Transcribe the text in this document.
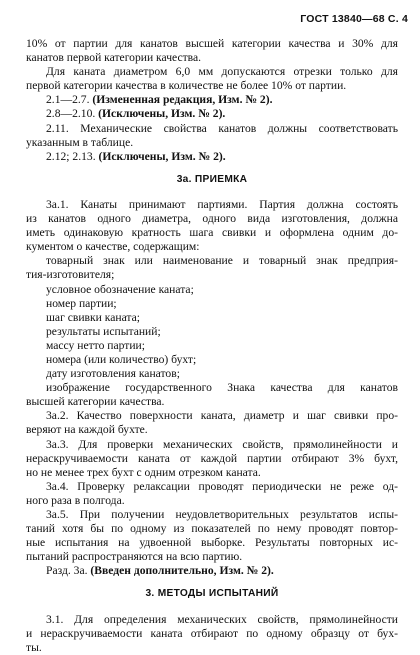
ГОСТ 13840—68 С. 4
10% от партии для канатов высшей категории качества и 30% для
канатов первой категории качества.
Для каната диаметром 6,0 мм допускаются отрезки только для
первой категории качества в количестве не более 10% от партии.
2.1—2.7. (Измененная редакция, Изм. № 2).
2.8—2.10. (Исключены, Изм. № 2).
2.11. Механические свойства канатов должны соответствовать
указанным в таблице.
2.12; 2.13. (Исключены, Изм. № 2).
3а. ПРИЕМКА
3а.1. Канаты принимают партиями. Партия должна состоять
из канатов одного диаметра, одного вида изготовления, должна
иметь одинаковую кратность шага свивки и оформлена одним до-
кументом о качестве, содержащим:
товарный знак или наименование и товарный знак предприя-
тия-изготовителя;
условное обозначение каната;
номер партии;
шаг свивки каната;
результаты испытаний;
массу нетто партии;
номера (или количество) бухт;
дату изготовления канатов;
изображение государственного Знака качества для канатов
высшей категории качества.
3а.2. Качество поверхности каната, диаметр и шаг свивки про-
веряют на каждой бухте.
3а.3. Для проверки механических свойств, прямолинейности и
нераскручиваемости каната от каждой партии отбирают 3% бухт,
но не менее трех бухт с одним отрезком каната.
3а.4. Проверку релаксации проводят периодически не реже од-
ного раза в полгода.
3а.5. При получении неудовлетворительных результатов испы-
таний хотя бы по одному из показателей по нему проводят повтор-
ные испытания на удвоенной выборке. Результаты повторных ис-
пытаний распространяются на всю партию.
Разд. 3а. (Введен дополнительно, Изм. № 2).
3. МЕТОДЫ ИСПЫТАНИЙ
3.1. Для определения механических свойств, прямолинейности
и нераскручиваемости каната отбирают по одному образцу от бух-
ты.
